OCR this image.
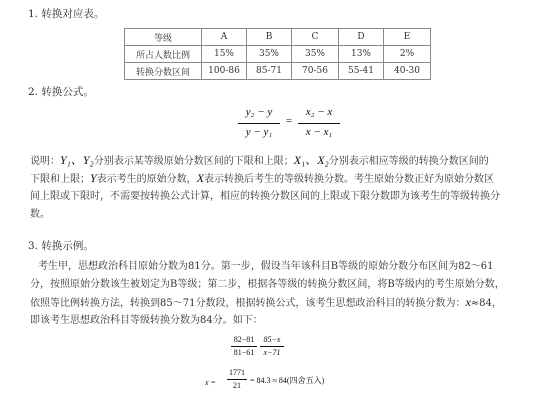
1. 转换对应表。
等级	A	B	C	D	E
所占人数比例	15%	35%	35%	13%	2%
转换分数区间	100-86	85-71	70-56	55-41	40-30
2. 转换公式。
y₂ − y
y − y₁
=
x₂ − x
x − x₁
说明：Y₁、Y₂分别表示某等级原始分数区间的下限和上限；X₁、X₂分别表示相应等级的转换分数区间的
下限和上限；Y表示考生的原始分数，X表示转换后考生的等级转换分数。考生原始分数正好为原始分数区
间上限或下限时，不需要按转换公式计算，相应的转换分数区间的上限或下限分数即为该考生的等级转换分
数。
3. 转换示例。
考生甲，思想政治科目原始分数为81分。第一步，假设当年该科目B等级的原始分数分布区间为82～61
分，按照原始分数该生被划定为B等级；第二步，根据各等级的转换分数区间，将B等级内的考生原始分数，
依照等比例转换方法，转换到85～71分数段，根据转换公式，该考生思想政治科目的转换分数为：x≈84，
即该考生思想政治科目等级转换分数为84分。如下：
82−81
81−61
85−x
x−71
x =
1771
21
= 84.3 ≈ 84(四舍五入)
